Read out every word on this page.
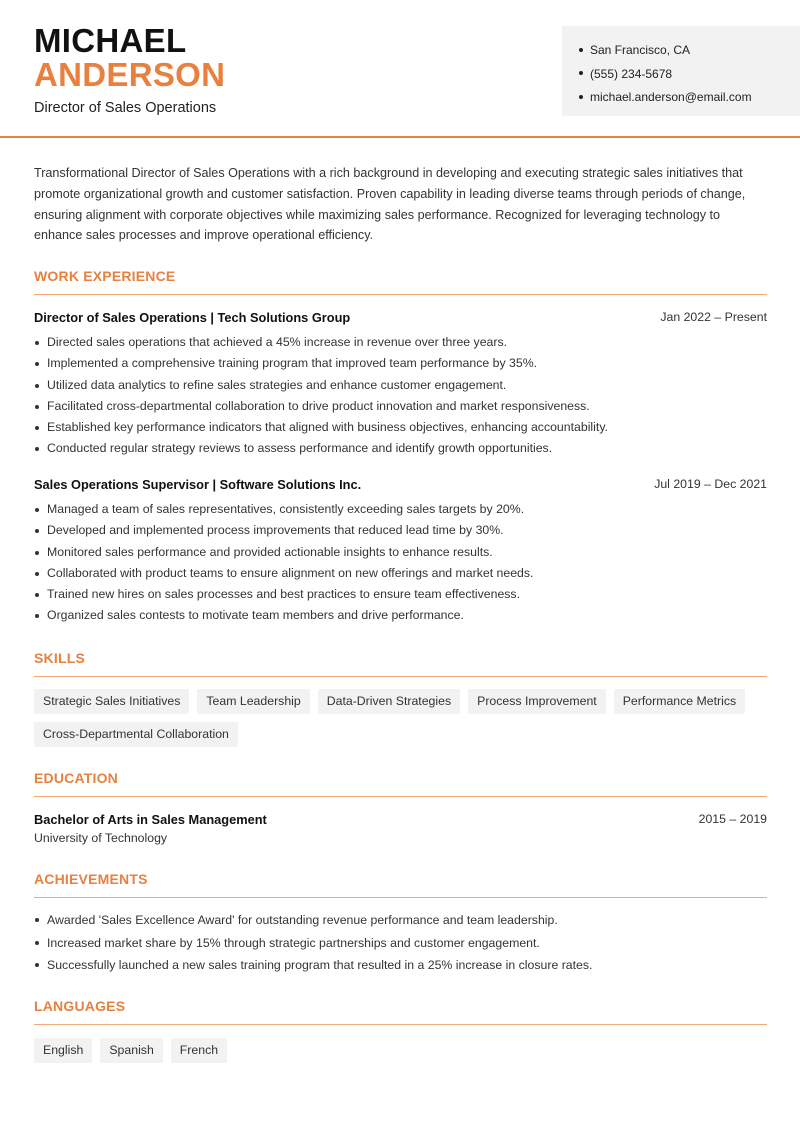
MICHAEL
ANDERSON
Director of Sales Operations
San Francisco, CA
(555) 234-5678
michael.anderson@email.com

Transformational Director of Sales Operations with a rich background in developing and executing strategic sales initiatives that promote organizational growth and customer satisfaction. Proven capability in leading diverse teams through periods of change, ensuring alignment with corporate objectives while maximizing sales performance. Recognized for leveraging technology to enhance sales processes and improve operational efficiency.

WORK EXPERIENCE
Director of Sales Operations | Tech Solutions Group	Jan 2022 – Present
Directed sales operations that achieved a 45% increase in revenue over three years.
Implemented a comprehensive training program that improved team performance by 35%.
Utilized data analytics to refine sales strategies and enhance customer engagement.
Facilitated cross-departmental collaboration to drive product innovation and market responsiveness.
Established key performance indicators that aligned with business objectives, enhancing accountability.
Conducted regular strategy reviews to assess performance and identify growth opportunities.
Sales Operations Supervisor | Software Solutions Inc.	Jul 2019 – Dec 2021
Managed a team of sales representatives, consistently exceeding sales targets by 20%.
Developed and implemented process improvements that reduced lead time by 30%.
Monitored sales performance and provided actionable insights to enhance results.
Collaborated with product teams to ensure alignment on new offerings and market needs.
Trained new hires on sales processes and best practices to ensure team effectiveness.
Organized sales contests to motivate team members and drive performance.
SKILLS
Strategic Sales Initiatives	Team Leadership	Data-Driven Strategies	Process Improvement	Performance Metrics
Cross-Departmental Collaboration
EDUCATION
Bachelor of Arts in Sales Management	2015 – 2019
University of Technology
ACHIEVEMENTS
Awarded 'Sales Excellence Award' for outstanding revenue performance and team leadership.
Increased market share by 15% through strategic partnerships and customer engagement.
Successfully launched a new sales training program that resulted in a 25% increase in closure rates.
LANGUAGES
English	Spanish	French
